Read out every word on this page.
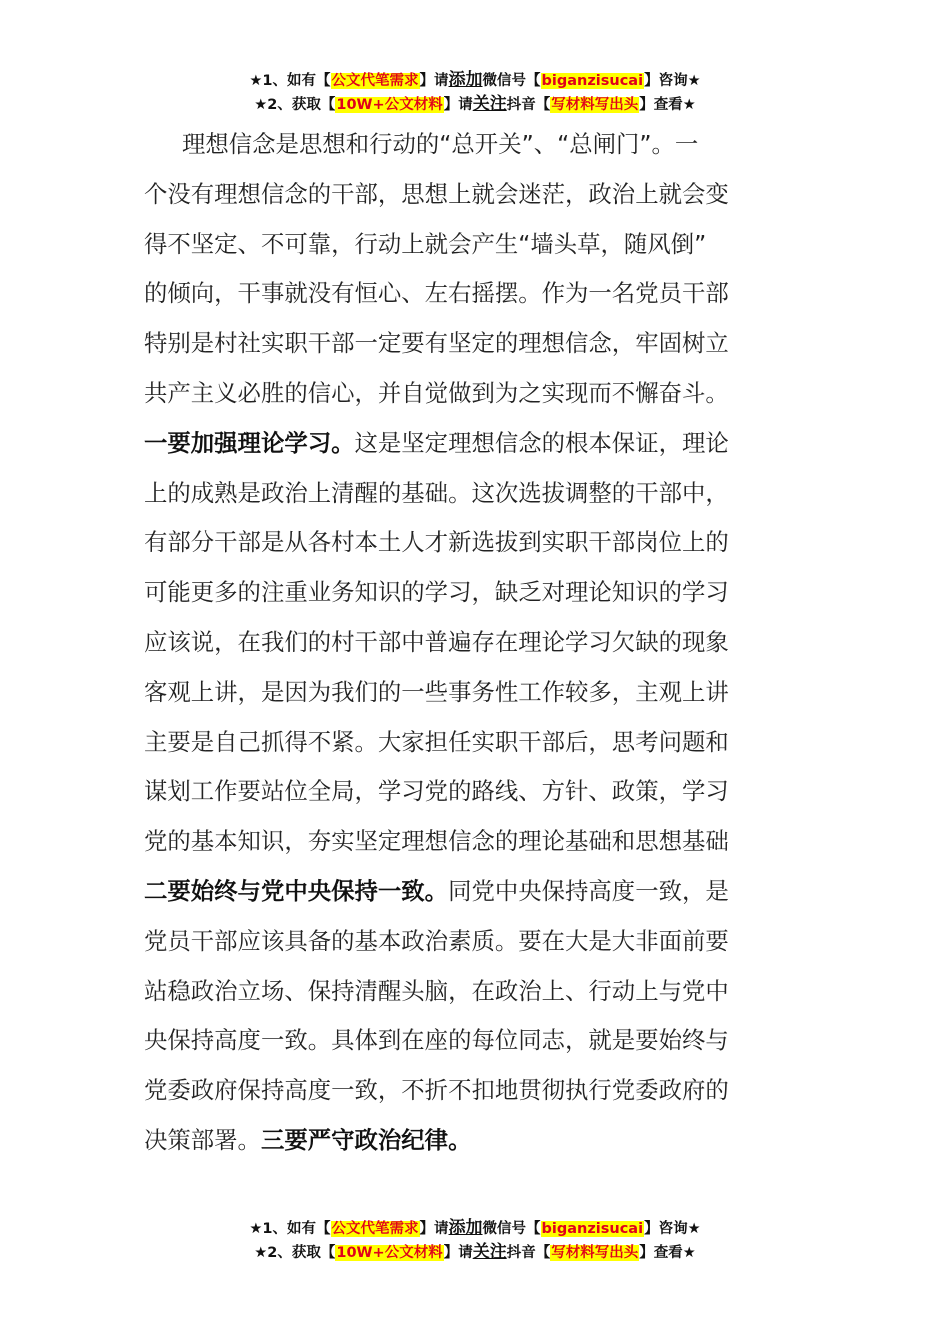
★1、如有【公文代笔需求】请添加微信号【biganzisucai】咨询★
★2、获取【10W+公文材料】请关注抖音【写材料写出头】查看★
理想信念是思想和行动的“总开关”、“总闸门”。一
个没有理想信念的干部，思想上就会迷茫，政治上就会变
得不坚定、不可靠，行动上就会产生“墙头草，随风倒”
的倾向，干事就没有恒心、左右摇摆。作为一名党员干部
特别是村社实职干部一定要有坚定的理想信念，牢固树立
共产主义必胜的信心，并自觉做到为之实现而不懈奋斗。
一要加强理论学习。这是坚定理想信念的根本保证，理论
上的成熟是政治上清醒的基础。这次选拔调整的干部中，
有部分干部是从各村本土人才新选拔到实职干部岗位上的
可能更多的注重业务知识的学习，缺乏对理论知识的学习
应该说，在我们的村干部中普遍存在理论学习欠缺的现象
客观上讲，是因为我们的一些事务性工作较多，主观上讲
主要是自己抓得不紧。大家担任实职干部后，思考问题和
谋划工作要站位全局，学习党的路线、方针、政策，学习
党的基本知识，夯实坚定理想信念的理论基础和思想基础
二要始终与党中央保持一致。同党中央保持高度一致，是
党员干部应该具备的基本政治素质。要在大是大非面前要
站稳政治立场、保持清醒头脑，在政治上、行动上与党中
央保持高度一致。具体到在座的每位同志，就是要始终与
党委政府保持高度一致，不折不扣地贯彻执行党委政府的
决策部署。三要严守政治纪律。
★1、如有【公文代笔需求】请添加微信号【biganzisucai】咨询★
★2、获取【10W+公文材料】请关注抖音【写材料写出头】查看★
